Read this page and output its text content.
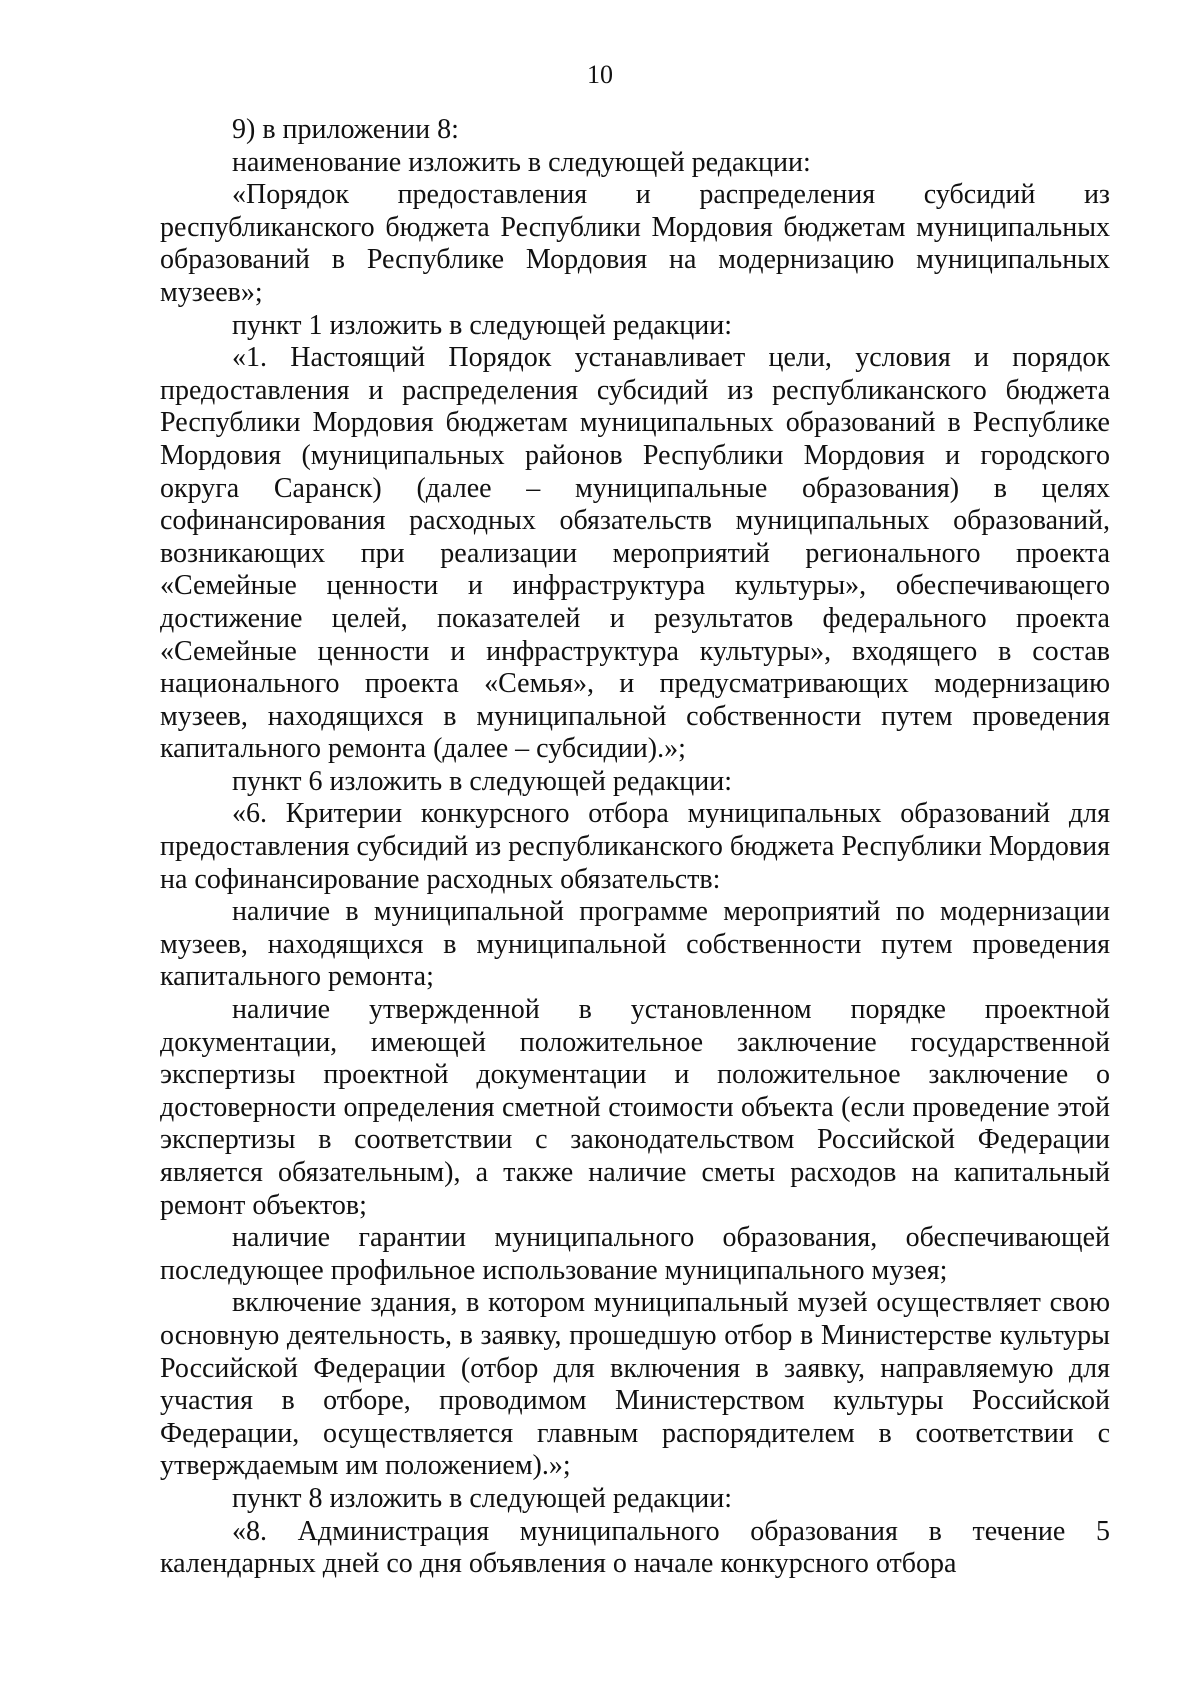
10

9) в приложении 8:

наименование изложить в следующей редакции:

«Порядок предоставления и распределения субсидий из республиканского бюджета Республики Мордовия бюджетам муниципальных образований в Республике Мордовия на модернизацию муниципальных музеев»;

пункт 1 изложить в следующей редакции:

«1. Настоящий Порядок устанавливает цели, условия и порядок предоставления и распределения субсидий из республиканского бюджета Республики Мордовия бюджетам муниципальных образований в Республике Мордовия (муниципальных районов Республики Мордовия и городского округа Саранск) (далее – муниципальные образования) в целях софинансирования расходных обязательств муниципальных образований, возникающих при реализации мероприятий регионального проекта «Семейные ценности и инфраструктура культуры», обеспечивающего достижение целей, показателей и результатов федерального проекта «Семейные ценности и инфраструктура культуры», входящего в состав национального проекта «Семья», и предусматривающих модернизацию музеев, находящихся в муниципальной собственности путем проведения капитального ремонта (далее – субсидии).»;

пункт 6 изложить в следующей редакции:

«6. Критерии конкурсного отбора муниципальных образований для предоставления субсидий из республиканского бюджета Республики Мордовия на софинансирование расходных обязательств:

наличие в муниципальной программе мероприятий по модернизации музеев, находящихся в муниципальной собственности путем проведения капитального ремонта;

наличие утвержденной в установленном порядке проектной документации, имеющей положительное заключение государственной экспертизы проектной документации и положительное заключение о достоверности определения сметной стоимости объекта (если проведение этой экспертизы в соответствии с законодательством Российской Федерации является обязательным), а также наличие сметы расходов на капитальный ремонт объектов;

наличие гарантии муниципального образования, обеспечивающей последующее профильное использование муниципального музея;

включение здания, в котором муниципальный музей осуществляет свою основную деятельность, в заявку, прошедшую отбор в Министерстве культуры Российской Федерации (отбор для включения в заявку, направляемую для участия в отборе, проводимом Министерством культуры Российской Федерации, осуществляется главным распорядителем в соответствии с утверждаемым им положением).»;

пункт 8 изложить в следующей редакции:

«8. Администрация муниципального образования в течение 5 календарных дней со дня объявления о начале конкурсного отбора
